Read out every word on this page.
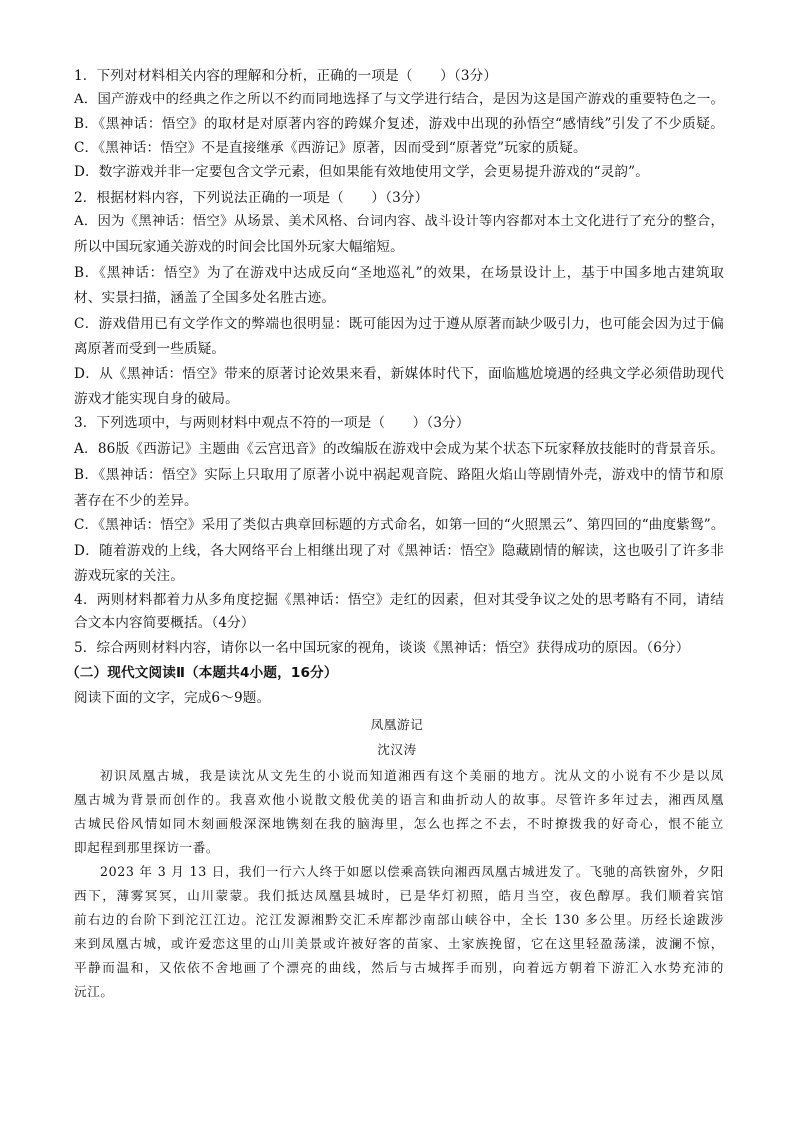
1．下列对材料相关内容的理解和分析，正确的一项是（　　）（3分）
A．国产游戏中的经典之作之所以不约而同地选择了与文学进行结合，是因为这是国产游戏的重要特色之一。
B．《黑神话：悟空》的取材是对原著内容的跨媒介复述，游戏中出现的孙悟空“感情线”引发了不少质疑。
C．《黑神话：悟空》不是直接继承《西游记》原著，因而受到“原著党”玩家的质疑。
D．数字游戏并非一定要包含文学元素，但如果能有效地使用文学，会更易提升游戏的“灵韵”。
2．根据材料内容，下列说法正确的一项是（　　）（3分）
A．因为《黑神话：悟空》从场景、美术风格、台词内容、战斗设计等内容都对本土文化进行了充分的整合，
所以中国玩家通关游戏的时间会比国外玩家大幅缩短。
B．《黑神话：悟空》为了在游戏中达成反向“圣地巡礼”的效果，在场景设计上，基于中国多地古建筑取
材、实景扫描，涵盖了全国多处名胜古迹。
C．游戏借用已有文学作文的弊端也很明显：既可能因为过于遵从原著而缺少吸引力，也可能会因为过于偏
离原著而受到一些质疑。
D．从《黑神话：悟空》带来的原著讨论效果来看，新媒体时代下，面临尴尬境遇的经典文学必须借助现代
游戏才能实现自身的破局。
3．下列选项中，与两则材料中观点不符的一项是（　　）（3分）
A．86版《西游记》主题曲《云宫迅音》的改编版在游戏中会成为某个状态下玩家释放技能时的背景音乐。
B．《黑神话：悟空》实际上只取用了原著小说中祸起观音院、路阻火焰山等剧情外壳，游戏中的情节和原
著存在不少的差异。
C．《黑神话：悟空》采用了类似古典章回标题的方式命名，如第一回的“火照黑云”、第四回的“曲度紫鸳”。
D．随着游戏的上线，各大网络平台上相继出现了对《黑神话：悟空》隐藏剧情的解读，这也吸引了许多非
游戏玩家的关注。
4．两则材料都着力从多角度挖掘《黑神话：悟空》走红的因素，但对其受争议之处的思考略有不同，请结
合文本内容简要概括。（4分）
5．综合两则材料内容，请你以一名中国玩家的视角，谈谈《黑神话：悟空》获得成功的原因。（6分）
（二）现代文阅读Ⅱ（本题共4小题，16分）
阅读下面的文字，完成6～9题。
凤凰游记
沈汉涛
初识凤凰古城，我是读沈从文先生的小说而知道湘西有这个美丽的地方。沈从文的小说有不少是以凤
凰古城为背景而创作的。我喜欢他小说散文般优美的语言和曲折动人的故事。尽管许多年过去，湘西凤凰
古城民俗风情如同木刻画般深深地镌刻在我的脑海里，怎么也挥之不去，不时撩拨我的好奇心，恨不能立
即起程到那里探访一番。
2023 年 3 月 13 日，我们一行六人终于如愿以偿乘高铁向湘西凤凰古城进发了。飞驰的高铁窗外，夕阳
西下，薄雾冥冥，山川蒙蒙。我们抵达凤凰县城时，已是华灯初照，皓月当空，夜色醇厚。我们顺着宾馆
前右边的台阶下到沱江江边。沱江发源湘黔交汇禾库都沙南部山峡谷中，全长 130 多公里。历经长途跋涉
来到凤凰古城，或许爱恋这里的山川美景或许被好客的苗家、土家族挽留，它在这里轻盈荡漾，波澜不惊，
平静而温和，又依依不舍地画了个漂亮的曲线，然后与古城挥手而别，向着远方朝着下游汇入水势充沛的
沅江。
